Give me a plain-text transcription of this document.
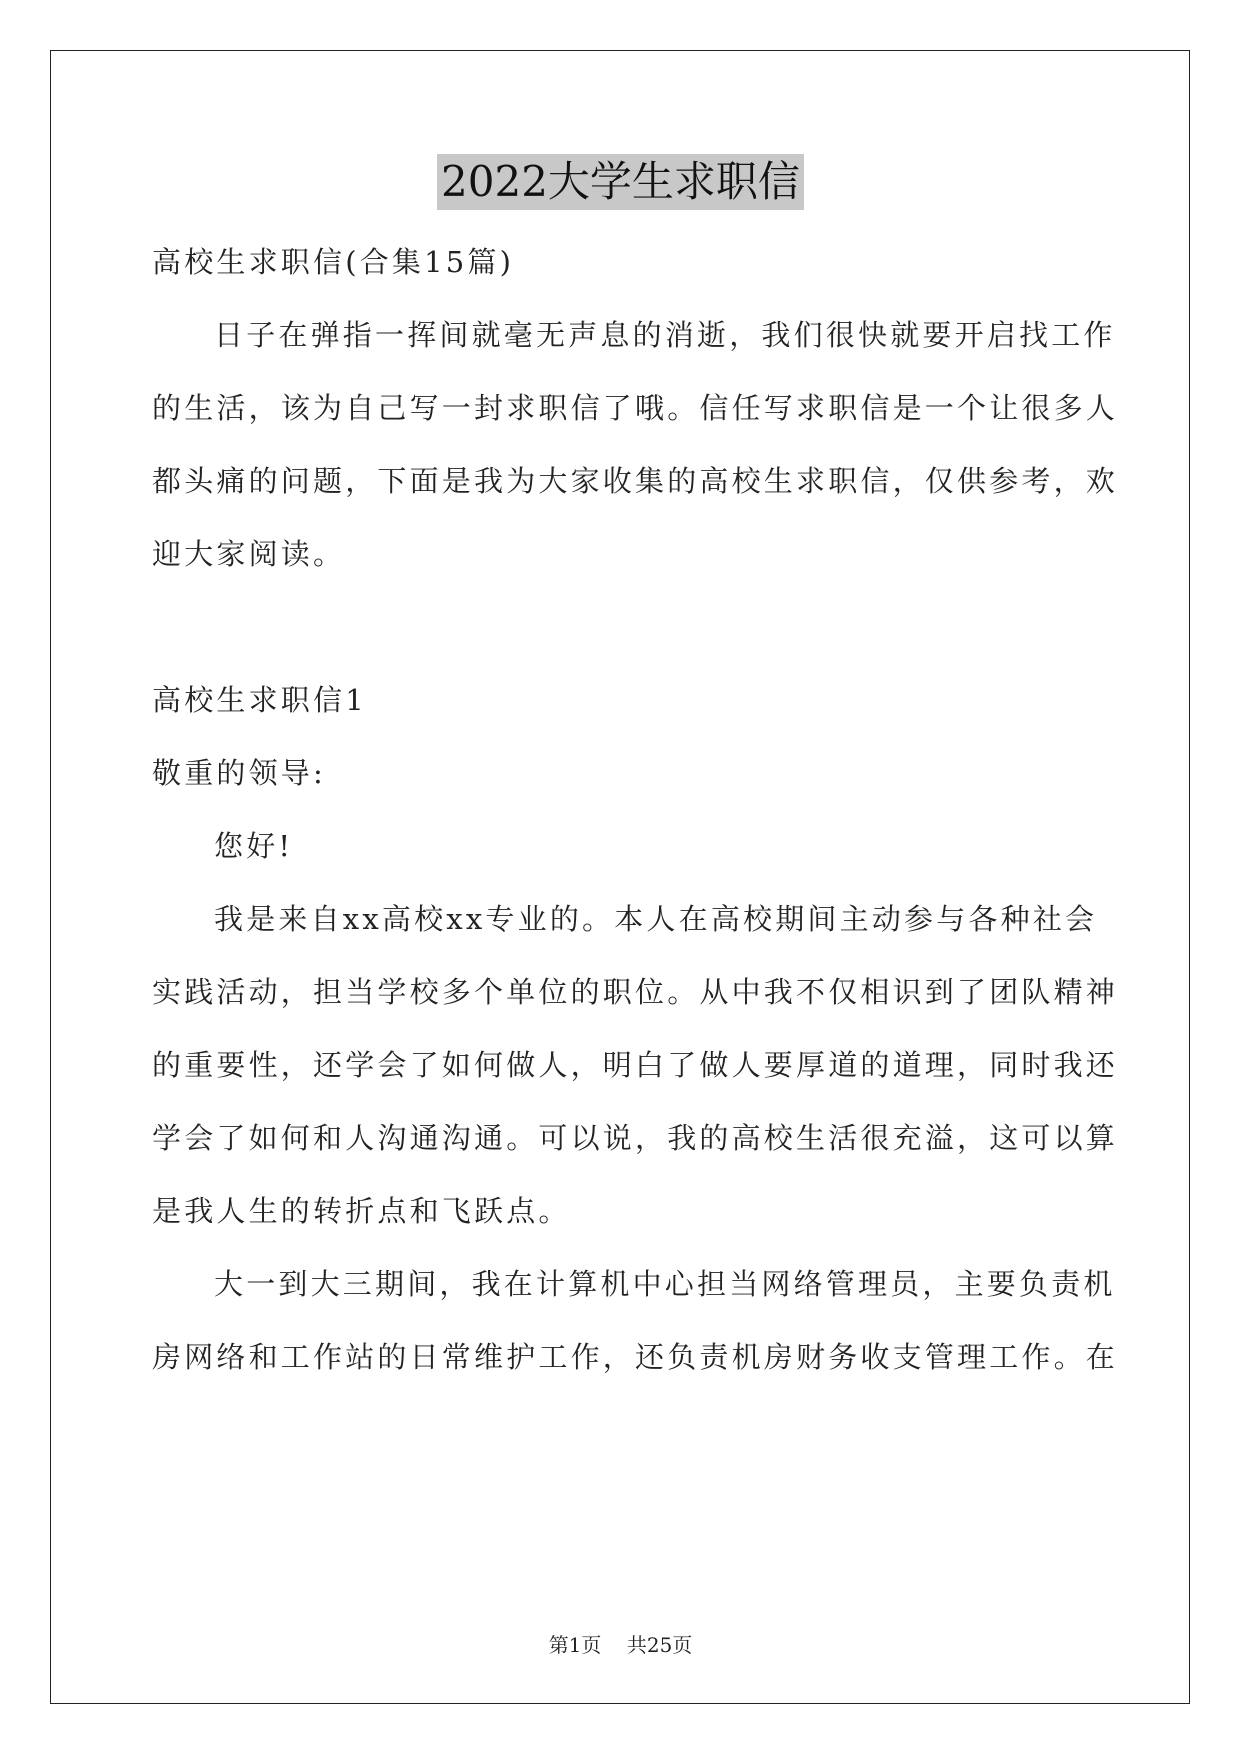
2022大学生求职信
高校生求职信(合集15篇)
日子在弹指一挥间就毫无声息的消逝，我们很快就要开启找工作
的生活，该为自己写一封求职信了哦。信任写求职信是一个让很多人
都头痛的问题，下面是我为大家收集的高校生求职信，仅供参考，欢
迎大家阅读。
高校生求职信1
敬重的领导:
您好!
我是来自xx高校xx专业的。本人在高校期间主动参与各种社会
实践活动，担当学校多个单位的职位。从中我不仅相识到了团队精神
的重要性，还学会了如何做人，明白了做人要厚道的道理，同时我还
学会了如何和人沟通沟通。可以说，我的高校生活很充溢，这可以算
是我人生的转折点和飞跃点。
大一到大三期间，我在计算机中心担当网络管理员，主要负责机
房网络和工作站的日常维护工作，还负责机房财务收支管理工作。在
第1页 共25页
